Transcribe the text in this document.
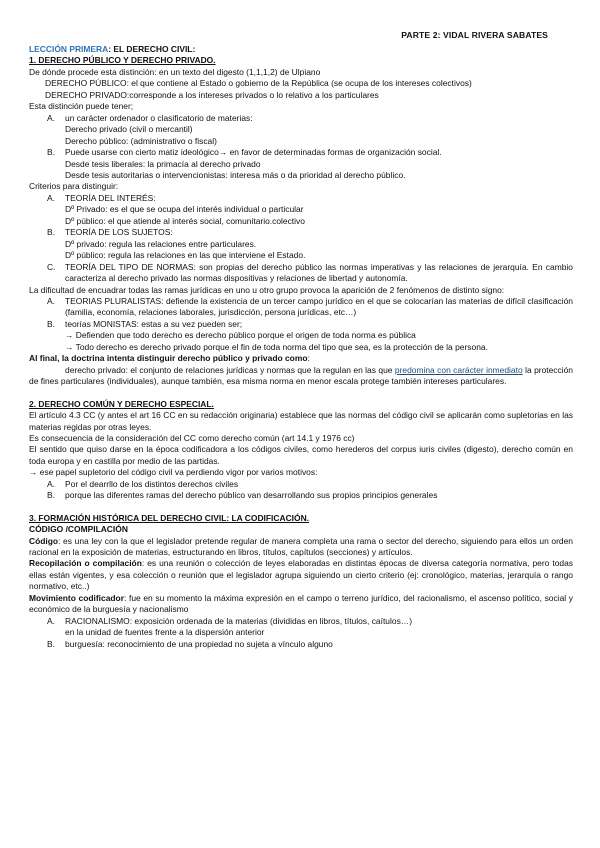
PARTE 2: VIDAL RIVERA SABATES
LECCIÓN PRIMERA: EL DERECHO CIVIL:
1. DERECHO PÚBLICO Y DERECHO PRIVADO.
De dónde procede esta distinción: en un texto del digesto (1,1,1,2) de Ulpiano
DERECHO PÚBLICO: el que contiene al Estado o gobierno de la República (se ocupa de los intereses colectivos)
DERECHO PRIVADO:corresponde a los intereses privados o lo relativo a los particulares
Esta distinción puede tener;
A. un carácter ordenador o clasificatorio de materias:
Derecho privado (civil o mercantil)
Derecho público: (administrativo o fiscal)
B. Puede usarse con cierto matiz ideológico→ en favor de determinadas formas de organización social.
Desde tesis liberales: la primacía al derecho privado
Desde tesis autoritarias o intervencionistas: interesa más o da prioridad al derecho público.
Criterios para distinguir:
A. TEORÍA DEL INTERÉS:
Dº Privado: es el que se ocupa del interés individual o particular
Dº público: el que atiende al interés social, comunitario.colectivo
B. TEORÍA DE LOS SUJETOS:
Dº privado: regula las relaciones entre particulares.
Dº público: regula las relaciones en las que interviene el Estado.
C. TEORÍA DEL TIPO DE NORMAS: son propias del derecho público las normas imperativas y las relaciones de jerarquía. En cambio caracteriza al derecho privado las normas dispositivas y relaciones de libertad y autonomía.
La dificultad de encuadrar todas las ramas jurídicas en uno u otro grupo provoca la aparición de 2 fenómenos de distinto signo:
A. TEORIAS PLURALISTAS: defiende la existencia de un tercer campo jurídico en el que se colocarían las materias de difícil clasificación (familia, economía, relaciones laborales, jurisdicción, persona jurídicas, etc…)
B. teorías MONISTAS: estas a su vez pueden ser;
→ Defienden que todo derecho es derecho público porque el origen de toda norma es pública
→ Todo derecho es derecho privado porque el fin de toda norma del tipo que sea, es la protección de la persona.
Al final, la doctrina intenta distinguir derecho público y privado como:
derecho privado: el conjunto de relaciones jurídicas y normas que la regulan en las que predomina con carácter inmediato la protección de fines particulares (individuales), aunque también, esa misma norma en menor escala protege también intereses particulares.
2. DERECHO COMÚN Y DERECHO ESPECIAL.
El artículo 4.3 CC (y antes el art 16 CC en su redacción originaria) establece que las normas del código civil se aplicarán como supletorias en las materias regidas por otras leyes.
Es consecuencia de la consideración del CC como derecho común (art 14.1 y 1976 cc)
El sentido que quiso darse en la época codificadora a los códigos civiles, como herederos del corpus iuris civiles (digesto), derecho común en toda europa y en castilla por medio de las partidas.
→ ese papel supletorio del código civil va perdiendo vigor por varios motivos:
A. Por el dearrllo de los distintos derechos civiles
B. porque las diferentes ramas del derecho público van desarrollando sus propios principios generales
3. FORMACIÓN HISTÓRICA DEL DERECHO CIVIL: LA CODIFICACIÓN.
CÓDIGO /COMPILACIÓN
Código: es una ley con la que el legislador pretende regular de manera completa una rama o sector del derecho, siguiendo para ellos un orden racional en la exposición de materias, estructurando en libros, títulos, capítulos (secciones) y artículos.
Recopilación o compilación: es una reunión o colección de leyes elaboradas en distintas épocas de diversa categoría normativa, pero todas ellas están vigentes, y esa colección o reunión que el legislador agrupa siguiendo un cierto criterio (ej: cronológico, materias, jerarquía o rango normativo, etc..)
Movimiento codificador: fue en su momento la máxima expresión en el campo o terreno jurídico, del racionalismo, el ascenso político, social y económico de la burguesía y nacionalismo
A. RACIONALISMO: exposición ordenada de la materias (divididas en libros, títulos, caítulos…)
en la unidad de fuentes frente a la dispersión anterior
B. burguesía: reconocimiento de una propiedad no sujeta a vínculo alguno
